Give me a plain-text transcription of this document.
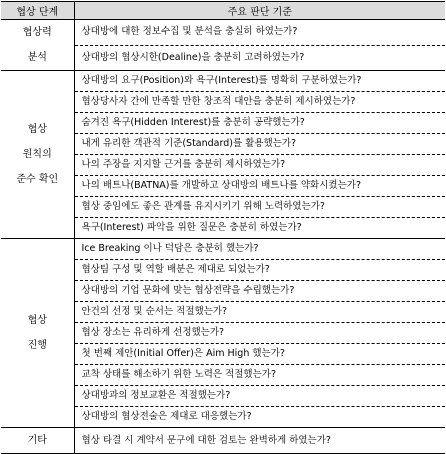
협상 단계	주요 판단 기준

협상력
분석	상대방에 대한 정보수집 및 분석을 충실히 하였는가?
	상대방의 협상시한(Dealine)을 충분히 고려하였는가?

협상
원칙의
준수 확인	상대방의 요구(Position)와 욕구(Interest)를 명확히 구분하였는가?
	협상당사자 간에 만족할 만한 창조적 대안을 충분히 제시하였는가?
	숨겨진 욕구(Hidden Interest)를 충분히 공략했는가?
	내게 유리한 객관적 기준(Standard)를 활용했는가?
	나의 주장을 지지할 근거를 충분히 제시하였는가?
	나의 배트나(BATNA)를 개발하고 상대방의 배트나를 약화시켰는가?
	협상 중임에도 좋은 관계를 유지시키기 위해 노력하였는가?
	욕구(Interest) 파악을 위한 질문은 충분히 하였는가?

협상
진행	Ice Breaking 이나 덕담은 충분히 했는가?
	협상팀 구성 및 역할 배분은 제대로 되었는가?
	상대방의 기업 문화에 맞는 협상전략을 수립했는가?
	안건의 선정 및 순서는 적절했는가?
	협상 장소는 유리하게 선정했는가?
	첫 번째 제안(Initial Offer)은 Aim High 했는가?
	교착 상태를 해소하기 위한 노력은 적절했는가?
	상대방과의 정보교환은 적절했는가?
	상대방의 협상전술은 제대로 대응했는가?

기타	협상 타결 시 계약서 문구에 대한 검토는 완벽하게 하였는가?
